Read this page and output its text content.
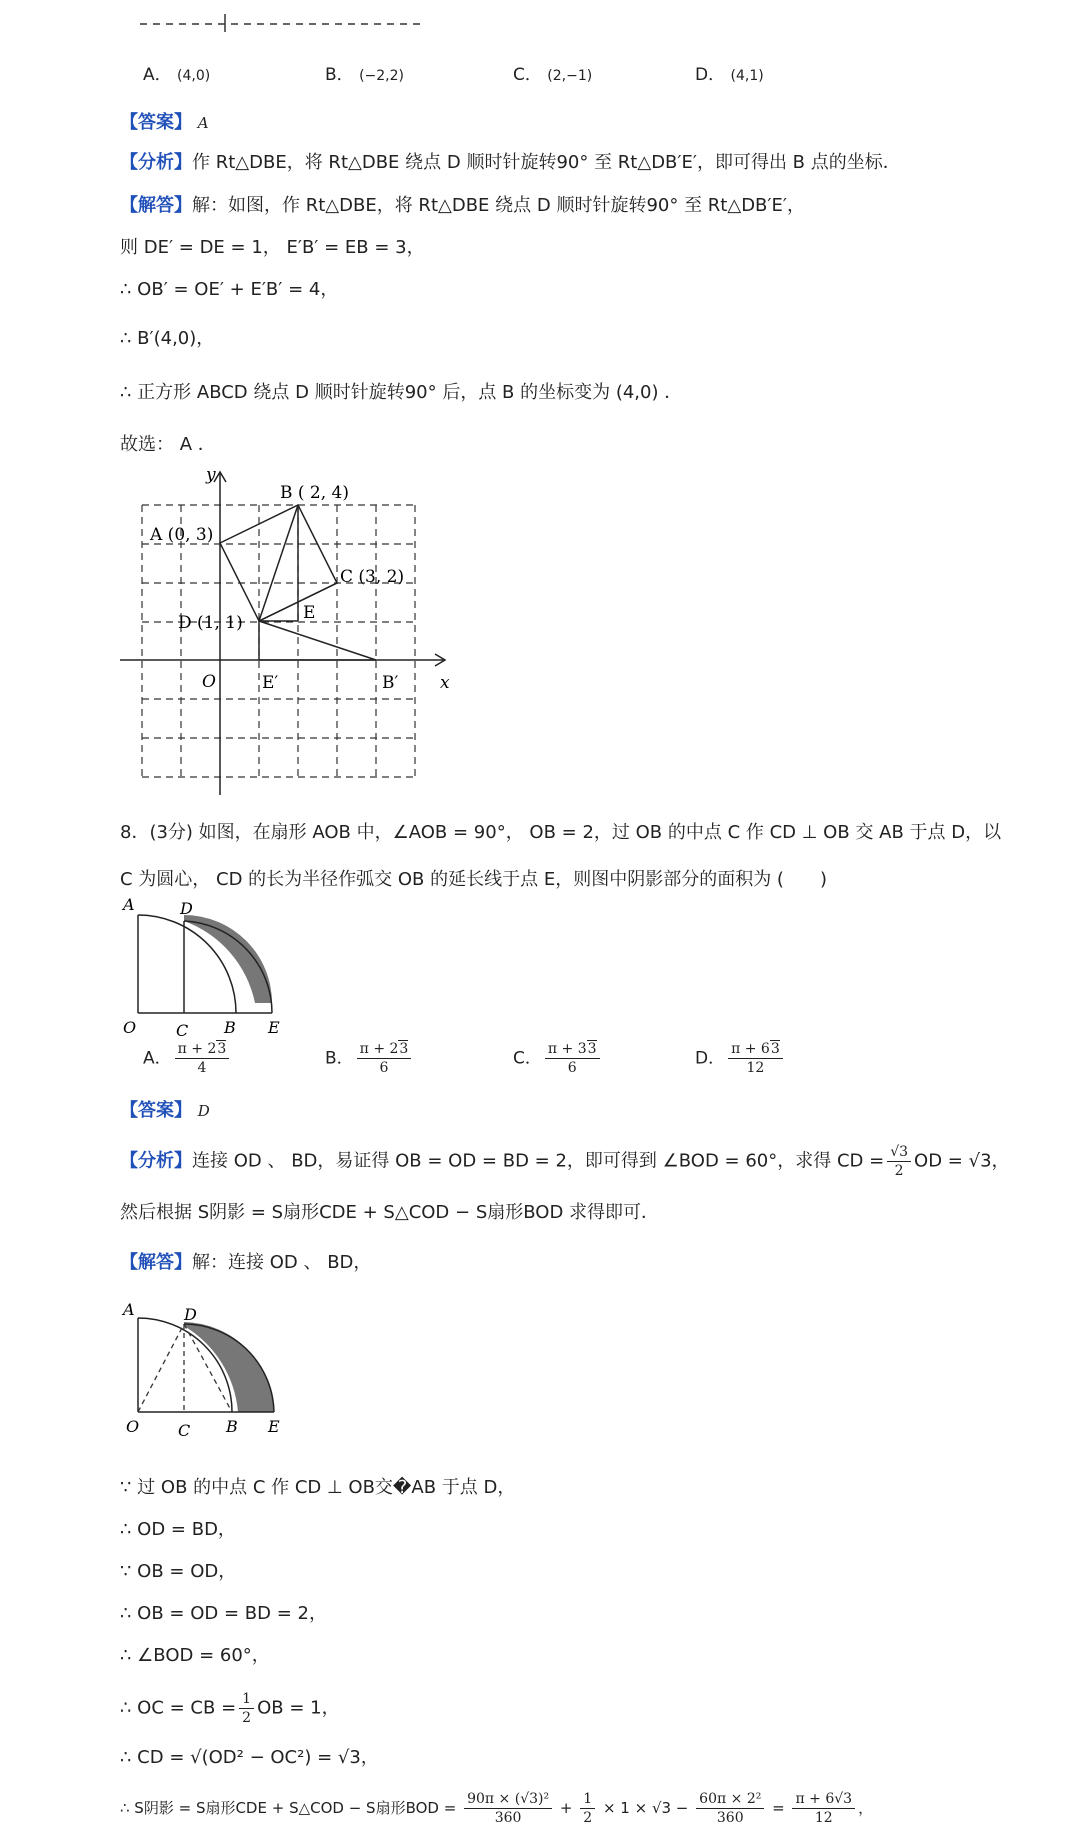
A． (4,0)	B． (−2,2)	C． (2,−1)	D． (4,1)
【答案】 A
【分析】作 Rt△DBE，将 Rt△DBE 绕点 D 顺时针旋转90° 至 Rt△DB′E′，即可得出 B 点的坐标．
【解答】解：如图，作 Rt△DBE，将 Rt△DBE 绕点 D 顺时针旋转90° 至 Rt△DB′E′，
则 DE′ = DE = 1， E′B′ = EB = 3，
∴ OB′ = OE′ + E′B′ = 4，
∴ B′(4,0)，
∴ 正方形 ABCD 绕点 D 顺时针旋转90° 后，点 B 的坐标变为 (4,0) ．
故选： A ．
y
x
O
A (0, 3)
B ( 2, 4)
C (3, 2)
D (1, 1)	E
E′	B′
8．(3分) 如图，在扇形 AOB 中，∠AOB = 90°， OB = 2，过 OB 的中点 C 作 CD ⊥ OB 交 AB 于点 D，以
C 为圆心， CD 的长为半径作弧交 OB 的延长线于点 E，则图中阴影部分的面积为 (　　)
A	D
O C B E
A． $\frac{\pi + 23}{4}$	B． $\frac{\pi + 23}{6}$	C． $\frac{\pi + 33}{6}$	D． $\frac{\pi + 63}{12}$
【答案】 D
【分析】连接 OD 、 BD，易证得 OB = OD = BD = 2，即可得到 ∠BOD = 60°，求得 CD = $\frac{√3}{2}$ OD = √3，
然后根据 S阴影 = S扇形CDE + S△COD − S扇形BOD 求得即可．
【解答】解：连接 OD 、 BD，
A	D
O C B E
∵ 过 OB 的中点 C 作 CD ⊥ OB交�AB 于点 D，
∴ OD = BD，
∵ OB = OD，
∴ OB = OD = BD = 2，
∴ ∠BOD = 60°，
∴ OC = CB = $\frac{1}{2}$ OB = 1，
∴ CD = √(OD² − OC²) = √3，
∴ S阴影 = S扇形CDE + S△COD − S扇形BOD = $\frac{\text{90π × (√3)²}}{360} + \frac{1}{2} \times 1 \times √3 - \frac{\text{60π × 2²}}{360} = \frac{\pi + 6√3}{12}$ ，
